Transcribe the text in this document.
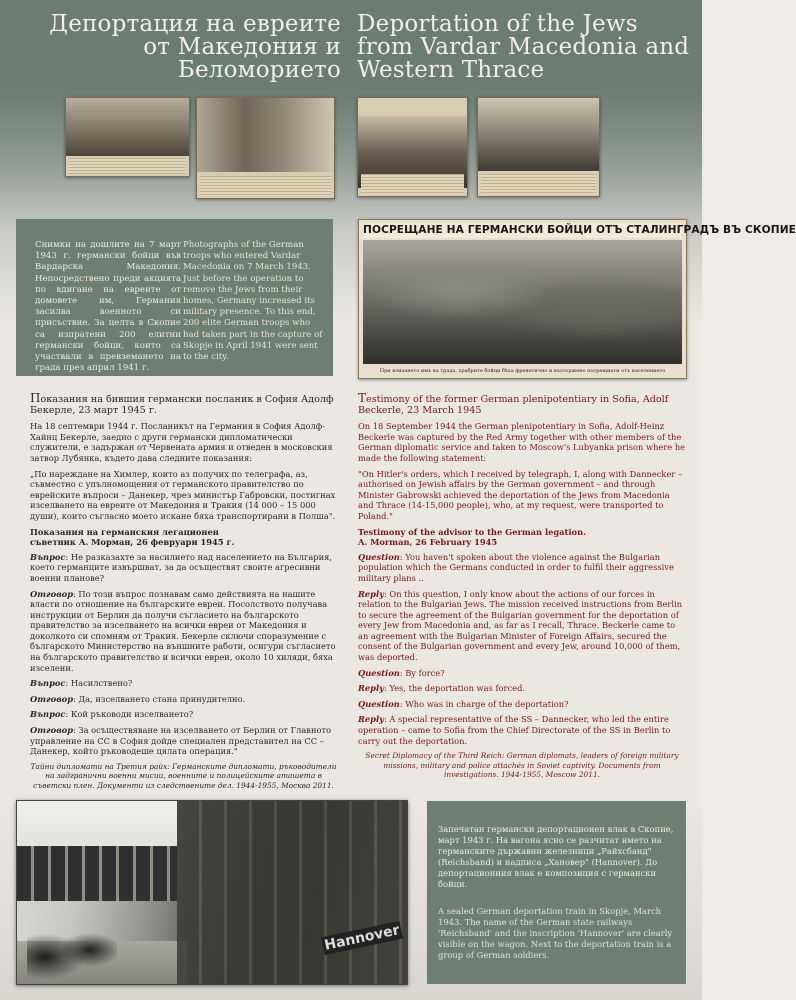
Депортация на евреите от Македония и Беломорието
Deportation of the Jews from Vardar Macedonia and Western Thrace
Снимки на дошлите на 7 март 1943 г. германски бойци във Вардарска Македония. Непосредствено преди акцията по вдигане на евреите от домовете им, Германия засилва военното си присъствие. За целта в Скопие са изпратени 200 елитни германски бойци, които са участвали в превземането на града през април 1941 г.
Photographs of the German troops who entered Vardar Macedonia on 7 March 1943. Just before the operation to remove the Jews from their homes, Germany increased its military presence. To this end, 200 elite German troops who had taken part in the capture of Skopje in April 1941 were sent to the city.
ПОСРЕЩАНЕ НА ГЕРМАНСКИ БОЙЦИ ОТЪ СТАЛИНГРАДЪ ВЪ СКОПИЕ
При влизането имъ въ града, храбрите бойци бѣха френетично и възторжено посрещнати отъ населението

Показания на бившия германски посланик в София Адолф Бекерле, 23 март 1945 г.

На 18 септември 1944 г. Посланикът на Германия в София Адолф-Хайнц Бекерле, заедно с други германски дипломатически служители, е задържан от Червената армия и отведен в московския затвор Лубянка, където дава следните показания:

„По нареждане на Химлер, които аз получих по телеграфа, аз, съвместно с упълномощения от германското правителство по еврейските въпроси – Данекер, чрез министър Габровски, постигнах изселването на евреите от Македония и Тракия (14 000 – 15 000 души), които съгласно моето искане бяха транспортирани в Полша".

Показания на германския легационен
съветник А. Морман, 26 февруари 1945 г.

Въпрос: Не разказахте за насилието над населението на България, което германците извършват, за да осъществят своите агресивни военни планове?

Отговор: По този въпрос познавам само действията на нашите власти по отношение на българските евреи. Посолството получава инструкции от Берлин да получи съгласието на българското правителство за изселването на всички евреи от Македония и доколкото си спомням от Тракия. Бекерле сключи споразумение с българското Министерство на външните работи, осигури съгласието на българското правителство и всички евреи, около 10 хиляди, бяха изселени.

Въпрос: Насилствено?

Отговор: Да, изселването стана принудително.

Въпрос: Кой ръководи изселването?

Отговор: За осъществяване на изселването от Берлин от Главното управление на СС в София дойде специален представител на СС – Данекер, който ръководеше цялата операция."

Тайни дипломати на Третия райх: Германските дипломати, ръководители на задгранични военни мисии, военните и полицейските аташета в съветски плен. Документи из следствените дел. 1944-1955, Москва 2011.

Testimony of the former German plenipotentiary in Sofia, Adolf Beckerle, 23 March 1945

On 18 September 1944 the German plenipotentiary in Sofia, Adolf-Heinz Beckerle was captured by the Red Army together with other members of the German diplomatic service and taken to Moscow's Lubyanka prison where he made the following statement:

"On Hitler's orders, which I received by telegraph, I, along with Dannecker – authorised on Jewish affairs by the German government – and through Minister Gabrowski achieved the deportation of the Jews from Macedonia and Thrace (14-15,000 people), who, at my request, were transported to Poland."

Testimony of the advisor to the German legation.
A. Morman, 26 February 1945

Question: You haven't spoken about the violence against the Bulgarian population which the Germans conducted in order to fulfil their aggressive military plans ..

Reply: On this question, I only know about the actions of our forces in relation to the Bulgarian Jews. The mission received instructions from Berlin to secure the agreement of the Bulgarian government for the deportation of every Jew from Macedonia and, as far as I recall, Thrace. Beckerle came to an agreement with the Bulgarian Minister of Foreign Affairs, secured the consent of the Bulgarian government and every Jew, around 10,000 of them, was deported.

Question: By force?

Reply: Yes, the deportation was forced.

Question: Who was in charge of the deportation?

Reply: A special representative of the SS – Dannecker, who led the entire operation – came to Sofia from the Chief Directorate of the SS in Berlin to carry out the deportation.

Secret Diplomacy of the Third Reich: German diplomats, leaders of foreign military missions, military and police attachés in Soviet captivity. Documents from investigations. 1944-1955, Moscow 2011.

Hannover
Запечатан германски депортационен влак в Скопие, март 1943 г. На вагона ясно се разчитат името на германските държавни железници „Райхсбанд" (Reichsband) и надписа „Хановер" (Hannover). До депортационния влак е композиция с германски бойци.
A sealed German deportation train in Skopje, March 1943. The name of the German state railways 'Reichsband' and the inscription 'Hannover' are clearly visible on the wagon. Next to the deportation train is a group of German soldiers.
